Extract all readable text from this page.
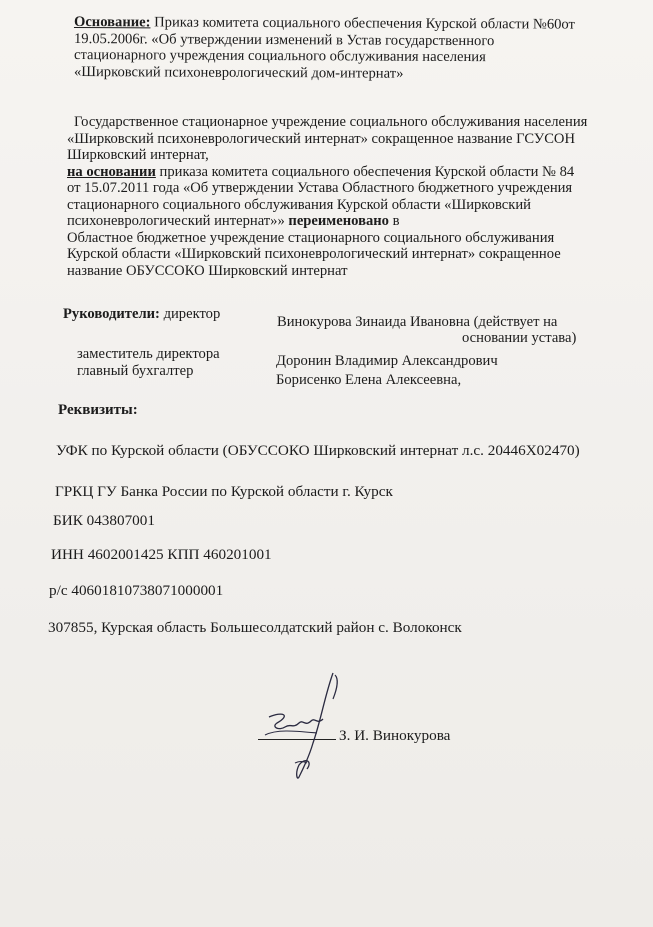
Основание: Приказ комитета социального обеспечения Курской области №60от
19.05.2006г. «Об утверждении изменений в Устав государственного
стационарного учреждения социального обслуживания населения
«Ширковский психоневрологический дом-интернат»
Государственное стационарное учреждение социального обслуживания населения
«Ширковский психоневрологический интернат» сокращенное название ГСУСОН
Ширковский интернат,
на основании приказа комитета социального обеспечения Курской области № 84
от 15.07.2011 года «Об утверждении Устава Областного бюджетного учреждения
стационарного социального обслуживания Курской области «Ширковский
психоневрологический интернат»» переименовано в
Областное бюджетное учреждение стационарного социального обслуживания
Курской области «Ширковский психоневрологический интернат» сокращенное
название ОБУССОКО Ширковский интернат
Руководители: директор	Винокурова Зинаида Ивановна (действует на
основании устава)
заместитель директора	Доронин Владимир Александрович
главный бухгалтер
Борисенко Елена Алексеевна,
Реквизиты:
УФК по Курской области (ОБУССОКО Ширковский интернат л.с. 20446Х02470)
ГРКЦ ГУ Банка России по Курской области г. Курск
БИК 043807001
ИНН 4602001425 КПП 460201001
р/с 40601810738071000001
307855, Курская область Большесолдатский район с. Волоконск
З. И. Винокурова
